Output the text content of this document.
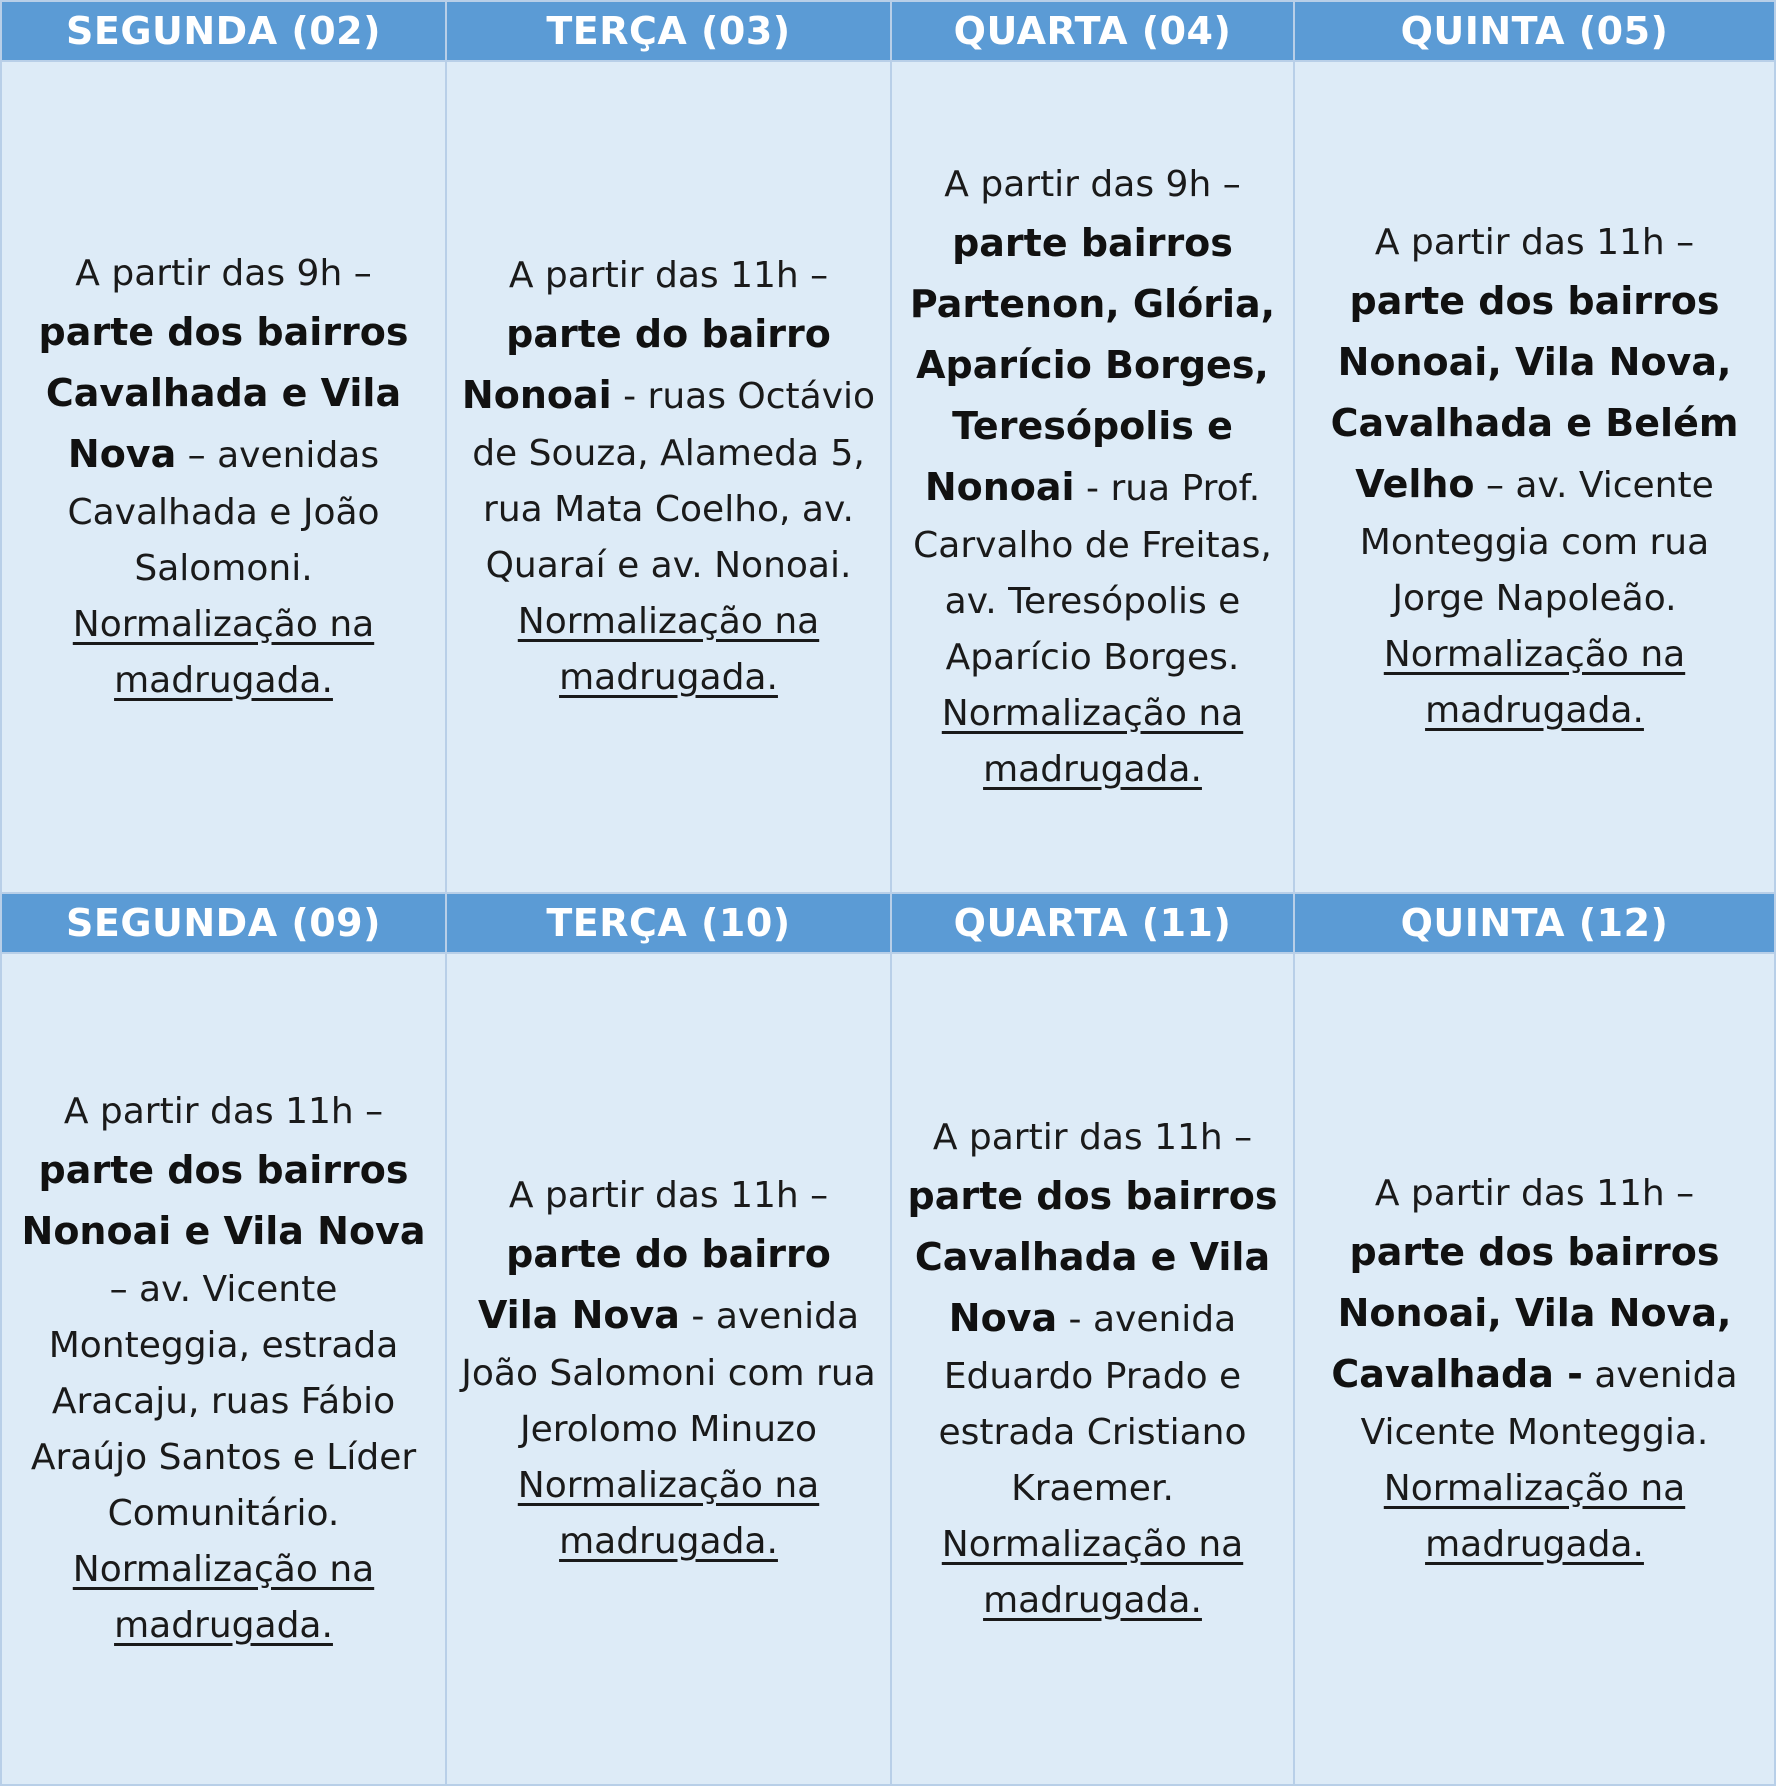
SEGUNDA (02)	TERÇA (03)	QUARTA (04)	QUINTA (05)

A partir das 9h –
parte dos bairros Cavalhada e Vila Nova – avenidas Cavalhada e João Salomoni.
Normalização na madrugada.	A partir das 11h –
parte do bairro Nonoai - ruas Octávio de Souza, Alameda 5, rua Mata Coelho, av. Quaraí e av. Nonoai.
Normalização na madrugada.	A partir das 9h –
parte bairros Partenon, Glória, Aparício Borges, Teresópolis e Nonoai - rua Prof. Carvalho de Freitas, av. Teresópolis e Aparício Borges.
Normalização na madrugada.	A partir das 11h –
parte dos bairros Nonoai, Vila Nova, Cavalhada e Belém Velho – av. Vicente Monteggia com rua Jorge Napoleão.
Normalização na madrugada.

SEGUNDA (09)	TERÇA (10)	QUARTA (11)	QUINTA (12)

A partir das 11h –
parte dos bairros Nonoai e Vila Nova – av. Vicente Monteggia, estrada Aracaju, ruas Fábio Araújo Santos e Líder Comunitário.
Normalização na madrugada.	A partir das 11h –
parte do bairro Vila Nova - avenida João Salomoni com rua Jerolomo Minuzo
Normalização na madrugada.	A partir das 11h –
parte dos bairros Cavalhada e Vila Nova - avenida Eduardo Prado e estrada Cristiano Kraemer.
Normalização na madrugada.	A partir das 11h –
parte dos bairros Nonoai, Vila Nova, Cavalhada - avenida Vicente Monteggia.
Normalização na madrugada.
